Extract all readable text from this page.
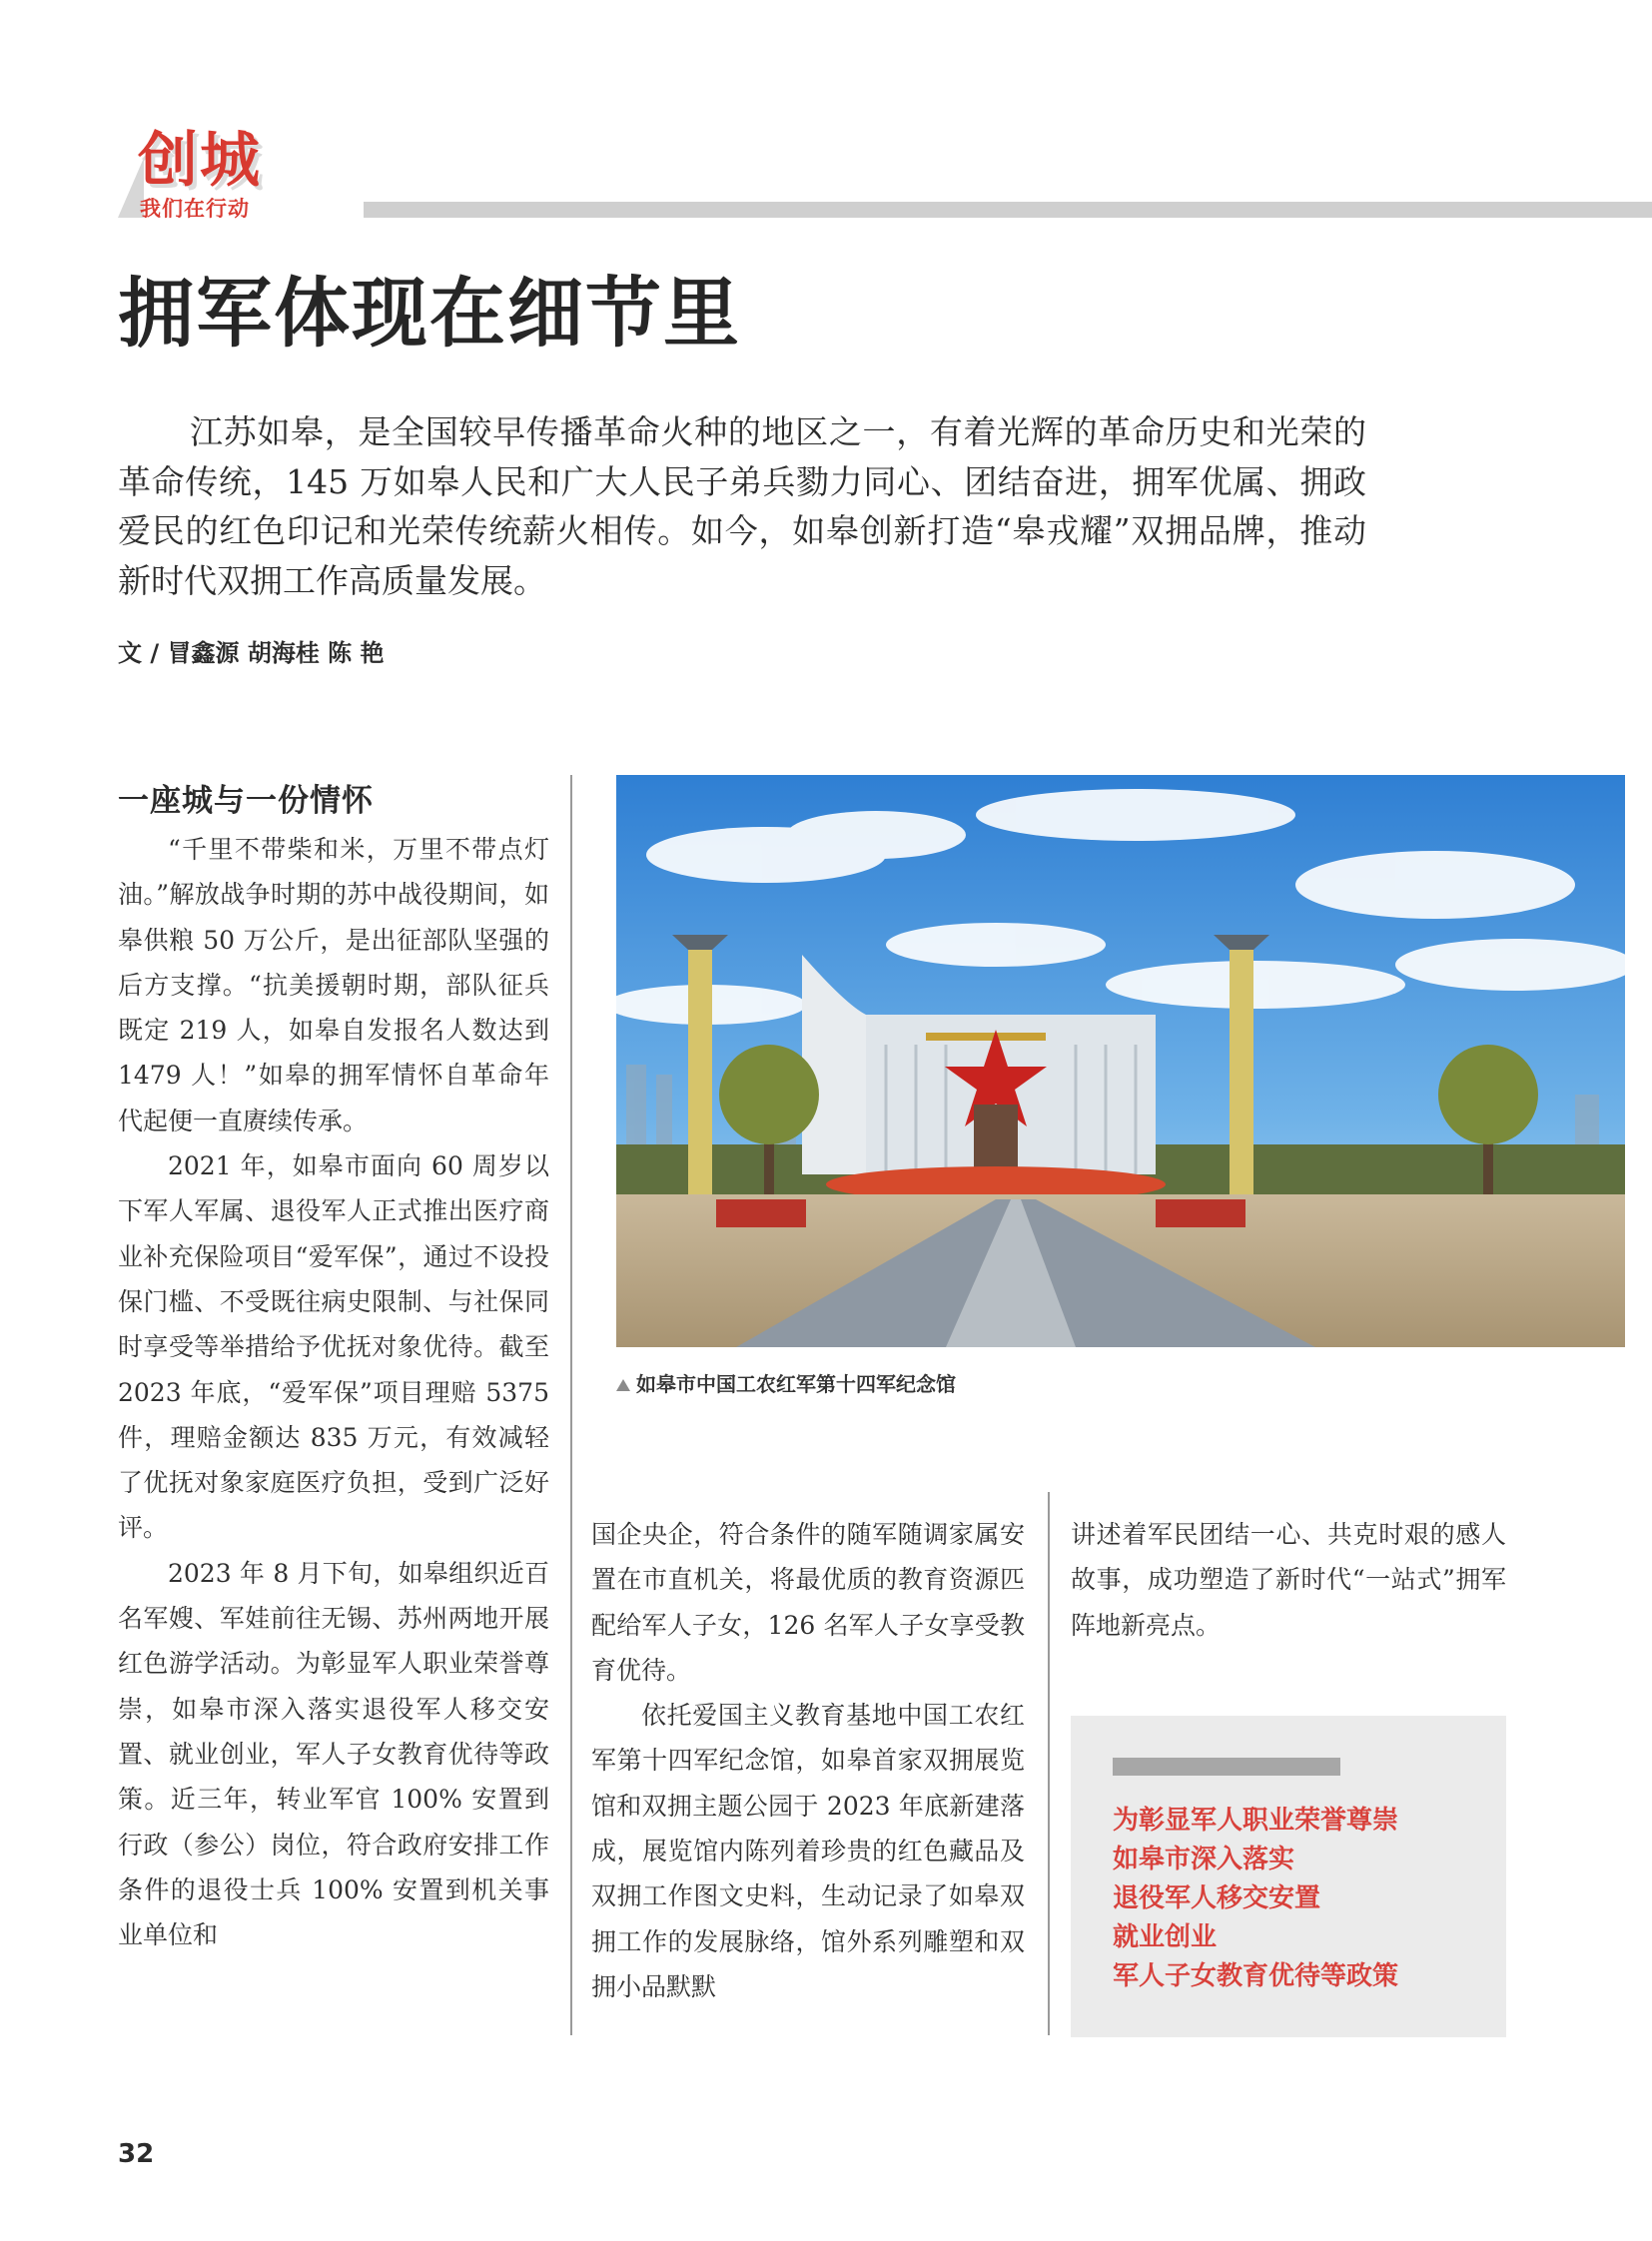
创城
我们在行动
拥军体现在细节里

江苏如皋，是全国较早传播革命火种的地区之一，有着光辉的革命历史和光荣的革命传统，145 万如皋人民和广大人民子弟兵勠力同心、团结奋进，拥军优属、拥政爱民的红色印记和光荣传统薪火相传。如今，如皋创新打造“皋戎耀”双拥品牌，推动新时代双拥工作高质量发展。

文 / 冒鑫源 胡海桂 陈 艳
一座城与一份情怀

“千里不带柴和米，万里不带点灯油。”解放战争时期的苏中战役期间，如皋供粮 50 万公斤，是出征部队坚强的后方支撑。“抗美援朝时期，部队征兵既定 219 人，如皋自发报名人数达到 1479 人！”如皋的拥军情怀自革命年代起便一直赓续传承。

2021 年，如皋市面向 60 周岁以下军人军属、退役军人正式推出医疗商业补充保险项目“爱军保”，通过不设投保门槛、不受既往病史限制、与社保同时享受等举措给予优抚对象优待。截至 2023 年底，“爱军保”项目理赔 5375 件，理赔金额达 835 万元，有效减轻了优抚对象家庭医疗负担，受到广泛好评。

2023 年 8 月下旬，如皋组织近百名军嫂、军娃前往无锡、苏州两地开展红色游学活动。为彰显军人职业荣誉尊崇，如皋市深入落实退役军人移交安置、就业创业，军人子女教育优待等政策。近三年，转业军官 100% 安置到行政（参公）岗位，符合政府安排工作条件的退役士兵 100% 安置到机关事业单位和

如皋市中国工农红军第十四军纪念馆

国企央企，符合条件的随军随调家属安置在市直机关，将最优质的教育资源匹配给军人子女，126 名军人子女享受教育优待。

依托爱国主义教育基地中国工农红军第十四军纪念馆，如皋首家双拥展览馆和双拥主题公园于 2023 年底新建落成，展览馆内陈列着珍贵的红色藏品及双拥工作图文史料，生动记录了如皋双拥工作的发展脉络，馆外系列雕塑和双拥小品默默

讲述着军民团结一心、共克时艰的感人故事，成功塑造了新时代“一站式”拥军阵地新亮点。

为彰显军人职业荣誉尊崇
如皋市深入落实
退役军人移交安置
就业创业
军人子女教育优待等政策
32
